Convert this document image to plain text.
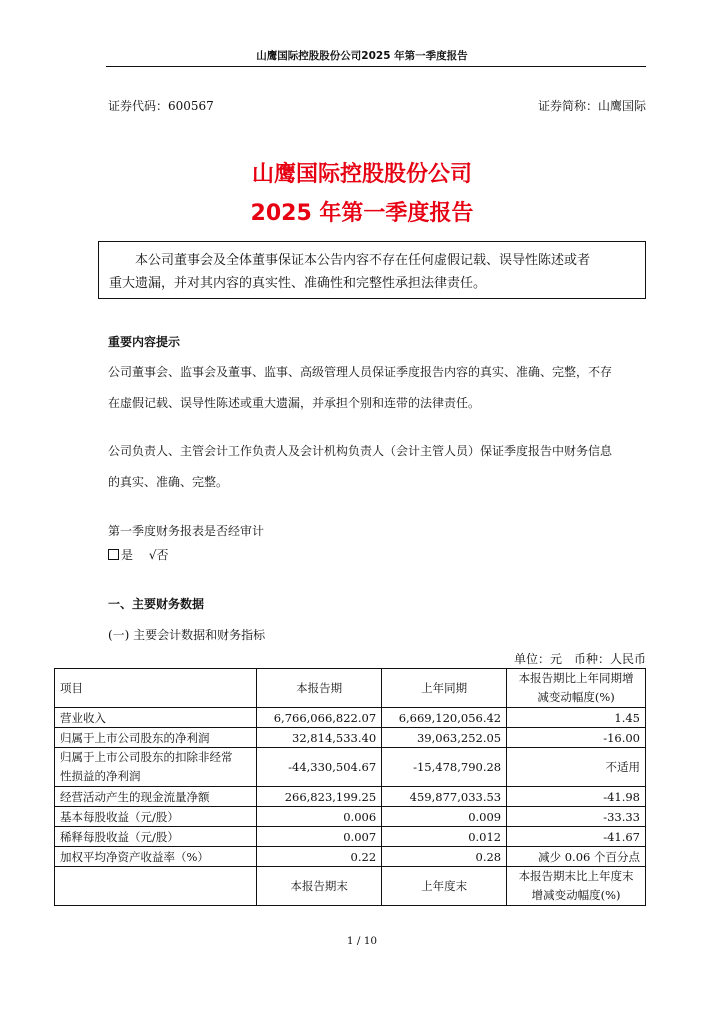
山鹰国际控股股份公司2025 年第一季度报告
证券代码：600567	证券简称：山鹰国际
山鹰国际控股股份公司
2025 年第一季度报告
本公司董事会及全体董事保证本公告内容不存在任何虚假记载、误导性陈述或者
重大遗漏，并对其内容的真实性、准确性和完整性承担法律责任。
重要内容提示
公司董事会、监事会及董事、监事、高级管理人员保证季度报告内容的真实、准确、完整，不存
在虚假记载、误导性陈述或重大遗漏，并承担个别和连带的法律责任。
公司负责人、主管会计工作负责人及会计机构负责人（会计主管人员）保证季度报告中财务信息
的真实、准确、完整。
第一季度财务报表是否经审计
是 √否
一、主要财务数据
(一) 主要会计数据和财务指标
单位：元　币种：人民币
项目	本报告期	上年同期	本报告期比上年同期增
减变动幅度(%)

营业收入	6,766,066,822.07	6,669,120,056.42	1.45
归属于上市公司股东的净利润	32,814,533.40	39,063,252.05	-16.00

归属于上市公司股东的扣除非经常
性损益的净利润	-44,330,504.67	-15,478,790.28	不适用
经营活动产生的现金流量净额	266,823,199.25	459,877,033.53	-41.98
基本每股收益（元/股）	0.006	0.009	-33.33
稀释每股收益（元/股）	0.007	0.012	-41.67
加权平均净资产收益率（%）	0.22	0.28	减少 0.06 个百分点
	本报告期末	上年度末	本报告期末比上年度末
增减变动幅度(%)
1 / 10
